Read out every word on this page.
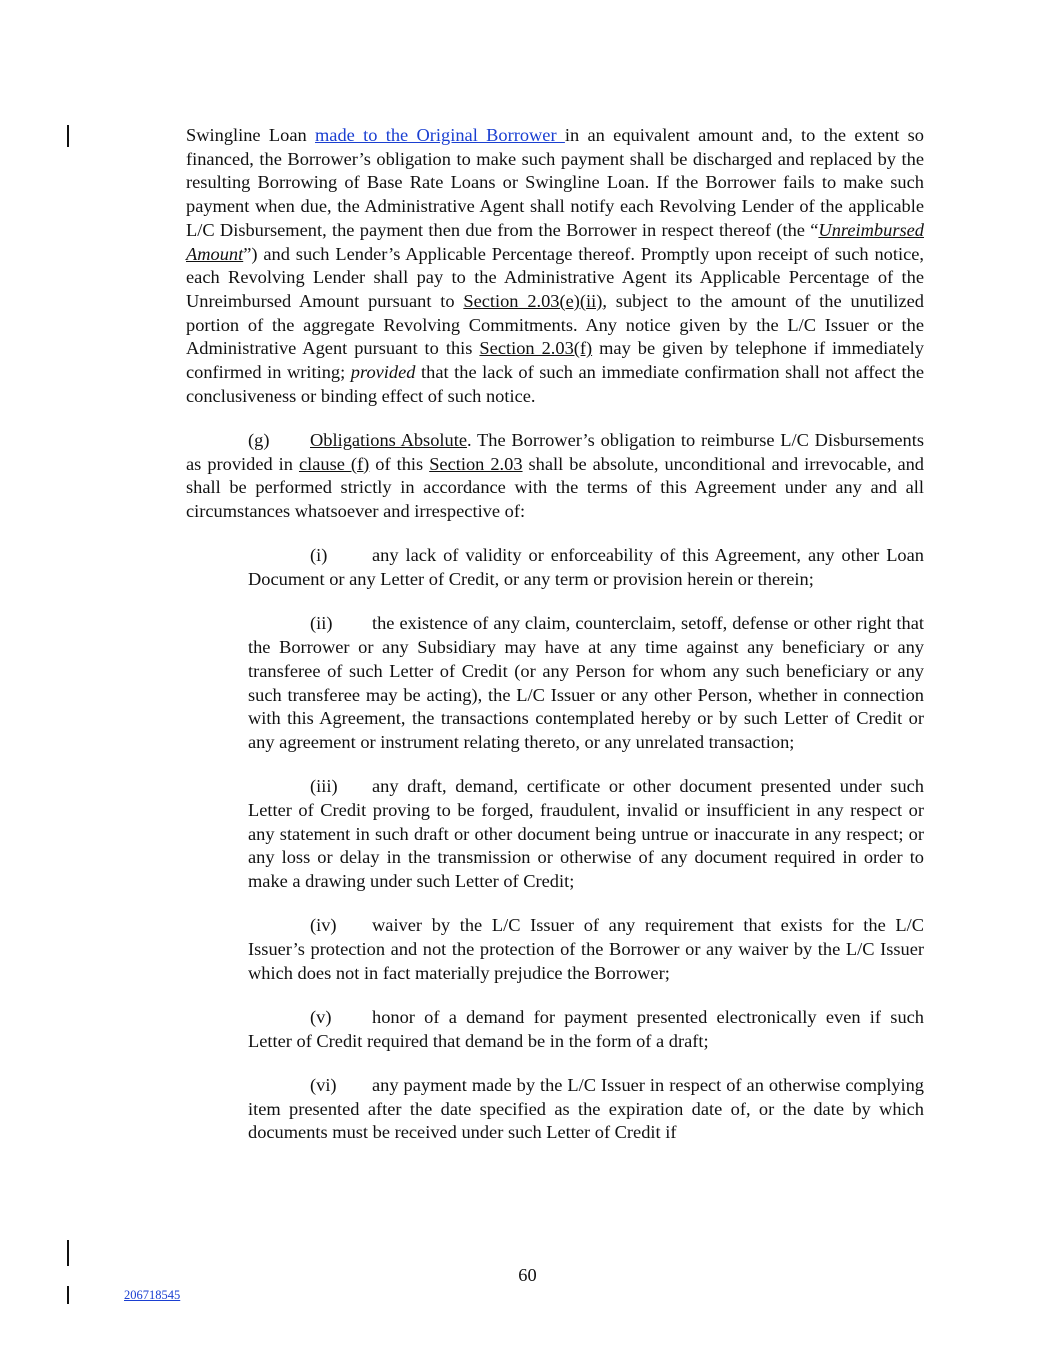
Swingline Loan made to the Original Borrower in an equivalent amount and, to the extent so financed, the Borrower’s obligation to make such payment shall be discharged and replaced by the resulting Borrowing of Base Rate Loans or Swingline Loan. If the Borrower fails to make such payment when due, the Administrative Agent shall notify each Revolving Lender of the applicable L/C Disbursement, the payment then due from the Borrower in respect thereof (the “Unreimbursed Amount”) and such Lender’s Applicable Percentage thereof. Promptly upon receipt of such notice, each Revolving Lender shall pay to the Administrative Agent its Applicable Percentage of the Unreimbursed Amount pursuant to Section 2.03(e)(ii), subject to the amount of the unutilized portion of the aggregate Revolving Commitments. Any notice given by the L/C Issuer or the Administrative Agent pursuant to this Section 2.03(f) may be given by telephone if immediately confirmed in writing; provided that the lack of such an immediate confirmation shall not affect the conclusiveness or binding effect of such notice.

(g) Obligations Absolute. The Borrower’s obligation to reimburse L/C Disbursements as provided in clause (f) of this Section 2.03 shall be absolute, unconditional and irrevocable, and shall be performed strictly in accordance with the terms of this Agreement under any and all circumstances whatsoever and irrespective of:

(i) any lack of validity or enforceability of this Agreement, any other Loan Document or any Letter of Credit, or any term or provision herein or therein;

(ii) the existence of any claim, counterclaim, setoff, defense or other right that the Borrower or any Subsidiary may have at any time against any beneficiary or any transferee of such Letter of Credit (or any Person for whom any such beneficiary or any such transferee may be acting), the L/C Issuer or any other Person, whether in connection with this Agreement, the transactions contemplated hereby or by such Letter of Credit or any agreement or instrument relating thereto, or any unrelated transaction;

(iii) any draft, demand, certificate or other document presented under such Letter of Credit proving to be forged, fraudulent, invalid or insufficient in any respect or any statement in such draft or other document being untrue or inaccurate in any respect; or any loss or delay in the transmission or otherwise of any document required in order to make a drawing under such Letter of Credit;

(iv) waiver by the L/C Issuer of any requirement that exists for the L/C Issuer’s protection and not the protection of the Borrower or any waiver by the L/C Issuer which does not in fact materially prejudice the Borrower;

(v) honor of a demand for payment presented electronically even if such Letter of Credit required that demand be in the form of a draft;

(vi) any payment made by the L/C Issuer in respect of an otherwise complying item presented after the date specified as the expiration date of, or the date by which documents must be received under such Letter of Credit if

60
206718545
